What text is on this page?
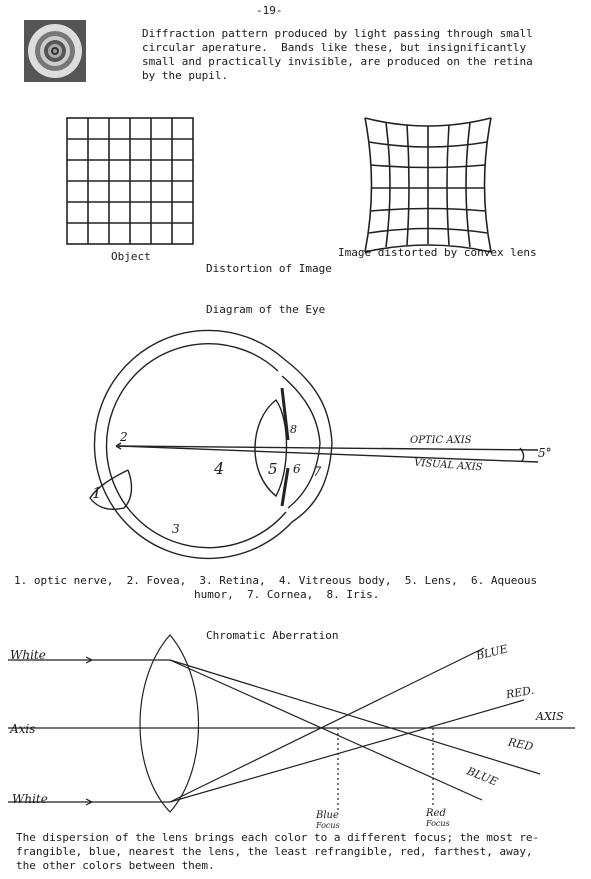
-19-
Diffraction pattern produced by light passing through small
circular aperature.  Bands like these, but insignificantly
small and practically invisible, are produced on the retina
by the pupil.
Object	Image distorted by convex lens
Distortion of Image
Diagram of the Eye
OPTIC AXIS
VISUAL AXIS
5°
1
2
3
4	5 6 7
8
1. optic nerve,  2. Fovea,  3. Retina,  4. Vitreous body,  5. Lens,  6. Aqueous
humor,  7. Cornea,  8. Iris.
Chromatic Aberration
White
White
Axis
AXIS
BLUE
RED.
RED
BLUE
Blue
Focus
Red
Focus
The dispersion of the lens brings each color to a different focus; the most re-
frangible, blue, nearest the lens, the least refrangible, red, farthest, away,
the other colors between them.
